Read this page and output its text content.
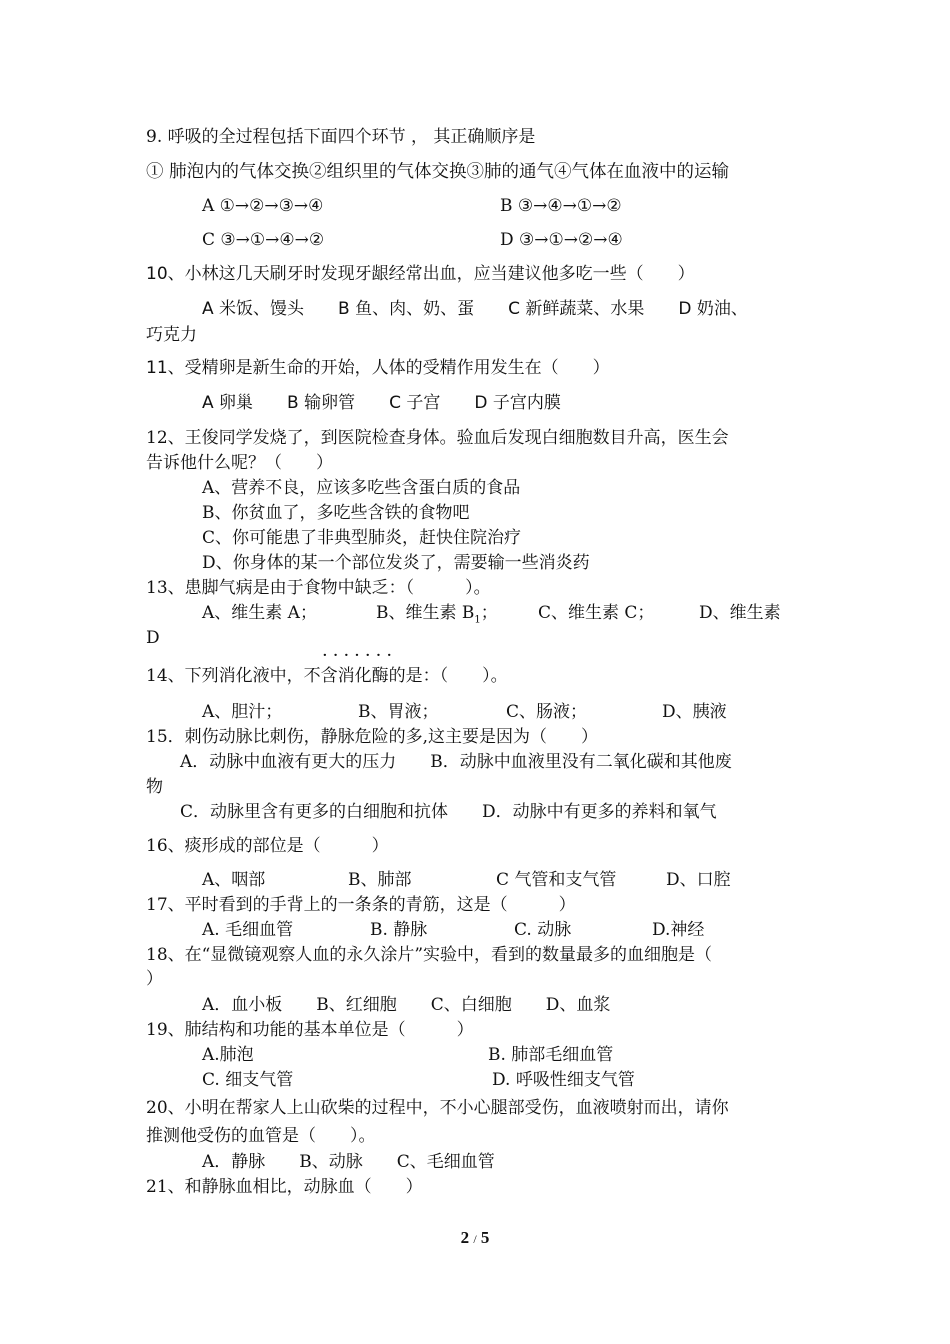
9. 呼吸的全过程包括下面四个环节 ， 其正确顺序是
① 肺泡内的气体交换②组织里的气体交换③肺的通气④气体在血液中的运输
A ①→②→③→④	B ③→④→①→②
C ③→①→④→②	D ③→①→②→④
10、小林这几天刷牙时发现牙龈经常出血，应当建议他多吃一些（　　）
A 米饭、馒头　　B 鱼、肉、奶、蛋　　C 新鲜蔬菜、水果　　D 奶油、
巧克力
11、受精卵是新生命的开始，人体的受精作用发生在（　　）
A 卵巢　　B 输卵管　　C 子宫　　D 子宫内膜
12、王俊同学发烧了，到医院检查身体。验血后发现白细胞数目升高，医生会
告诉他什么呢？（　　）
A、营养不良，应该多吃些含蛋白质的食品
B、你贫血了，多吃些含铁的食物吧
C、你可能患了非典型肺炎，赶快住院治疗
D、你身体的某一个部位发炎了，需要输一些消炎药
13、患脚气病是由于食物中缺乏：（　　　）。
A、维生素 A；	B、维生素 $B_1$； C、维生素 C；	D、维生素
D
·······
14、下列消化液中，不含消化酶的是：（　　）。
A、胆汁；	B、胃液；	C、肠液；	D、胰液
15．刺伤动脉比刺伤，静脉危险的多,这主要是因为（　　）
A．动脉中血液有更大的压力　　B．动脉中血液里没有二氧化碳和其他废
物
C．动脉里含有更多的白细胞和抗体　　D．动脉中有更多的养料和氧气
16、痰形成的部位是（　　　）
A、咽部	B、肺部	C 气管和支气管	D、口腔
17、平时看到的手背上的一条条的青筋，这是（　　　）
A. 毛细血管	B. 静脉	C. 动脉	D.神经
18、在“显微镜观察人血的永久涂片”实验中，看到的数量最多的血细胞是（
）
A．血小板　　B、红细胞　　C、白细胞　　D、血浆
19、肺结构和功能的基本单位是（　　　）
A.肺泡	B. 肺部毛细血管
C. 细支气管	D. 呼吸性细支气管
20、小明在帮家人上山砍柴的过程中，不小心腿部受伤，血液喷射而出，请你
推测他受伤的血管是（　　）。
A．静脉　　B、动脉　　C、毛细血管
21、和静脉血相比，动脉血（　　）
2 / 5
